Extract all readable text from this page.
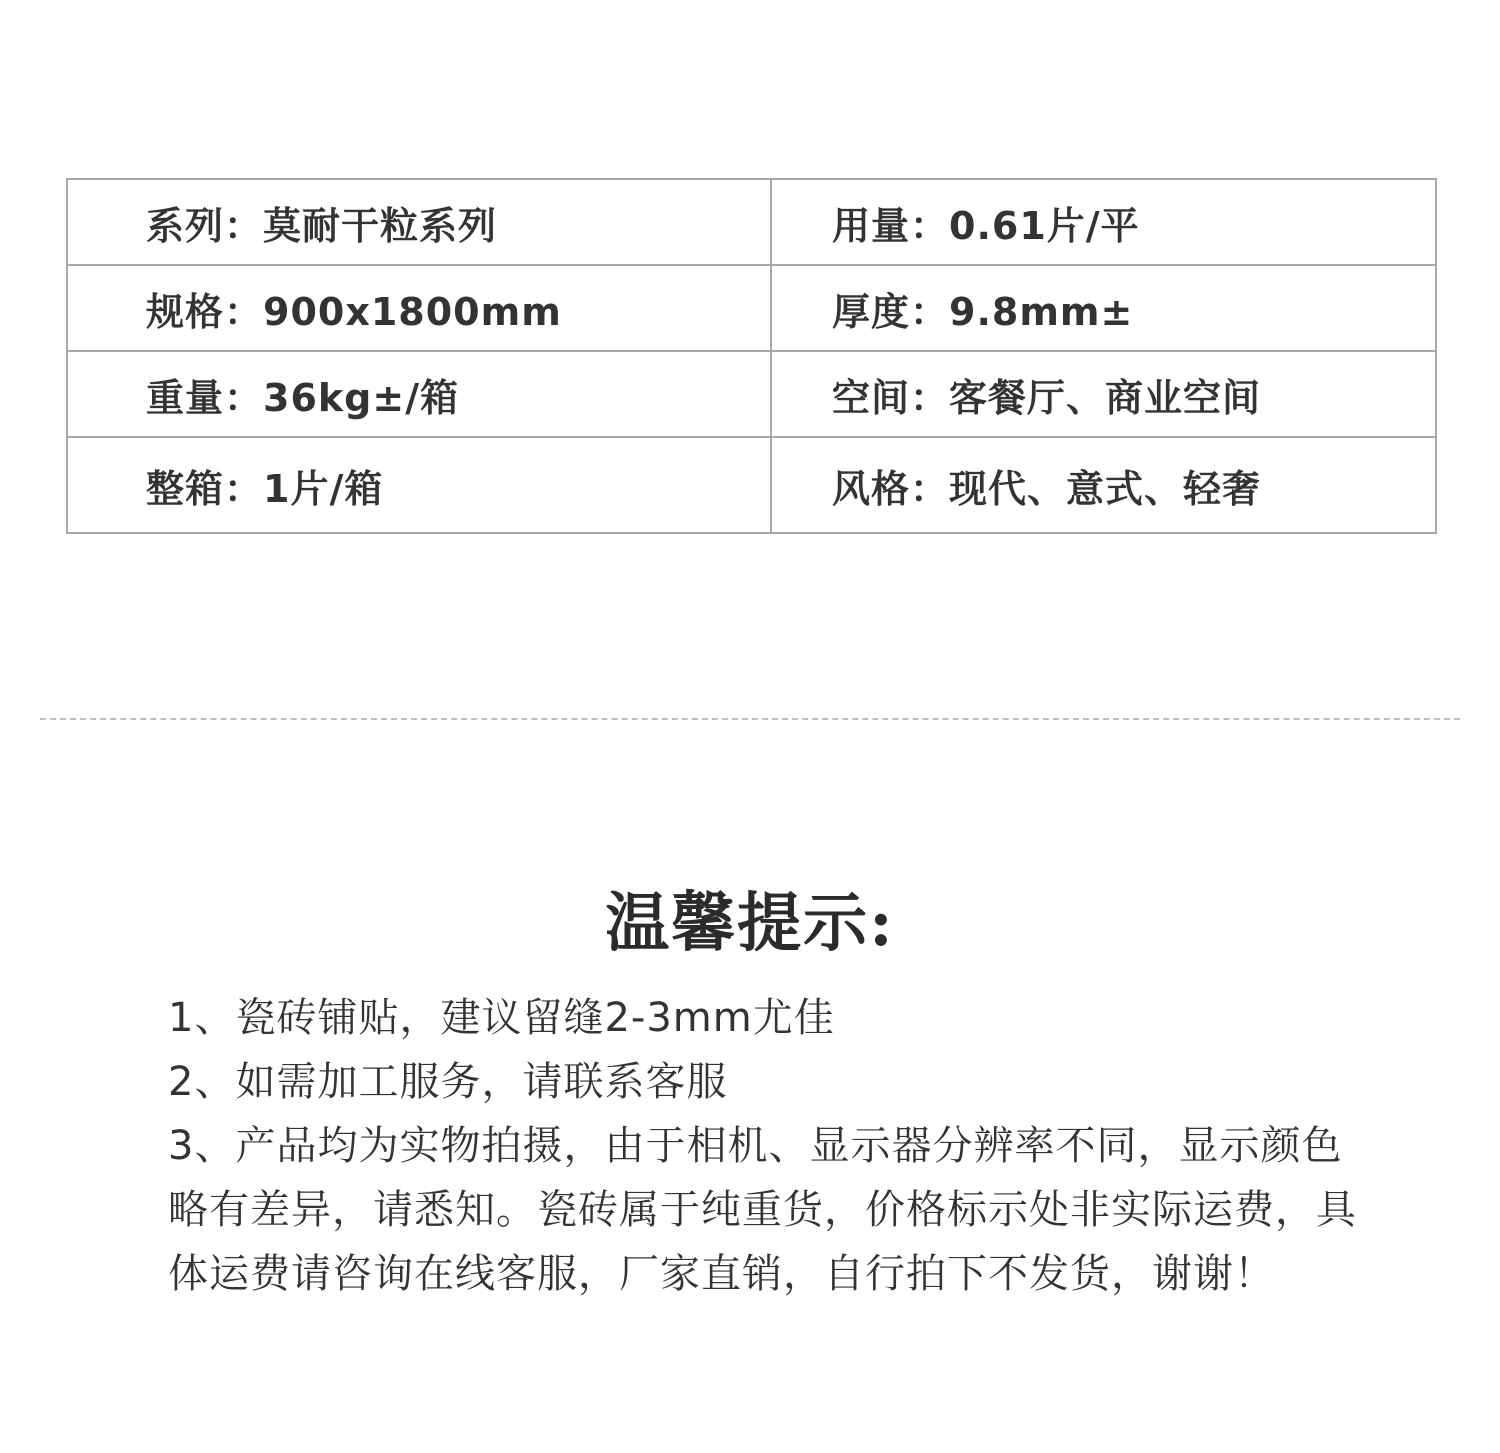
系列：莫耐干粒系列	用量：0.61片/平
规格：900x1800mm	厚度：9.8mm±
重量：36kg±/箱	空间：客餐厅、商业空间
整箱：1片/箱	风格：现代、意式、轻奢
温馨提示:
1、瓷砖铺贴，建议留缝2-3mm尤佳
2、如需加工服务，请联系客服
3、产品均为实物拍摄，由于相机、显示器分辨率不同，显示颜色略有差异，请悉知。瓷砖属于纯重货，价格标示处非实际运费，具体运费请咨询在线客服，厂家直销，自行拍下不发货，谢谢！
